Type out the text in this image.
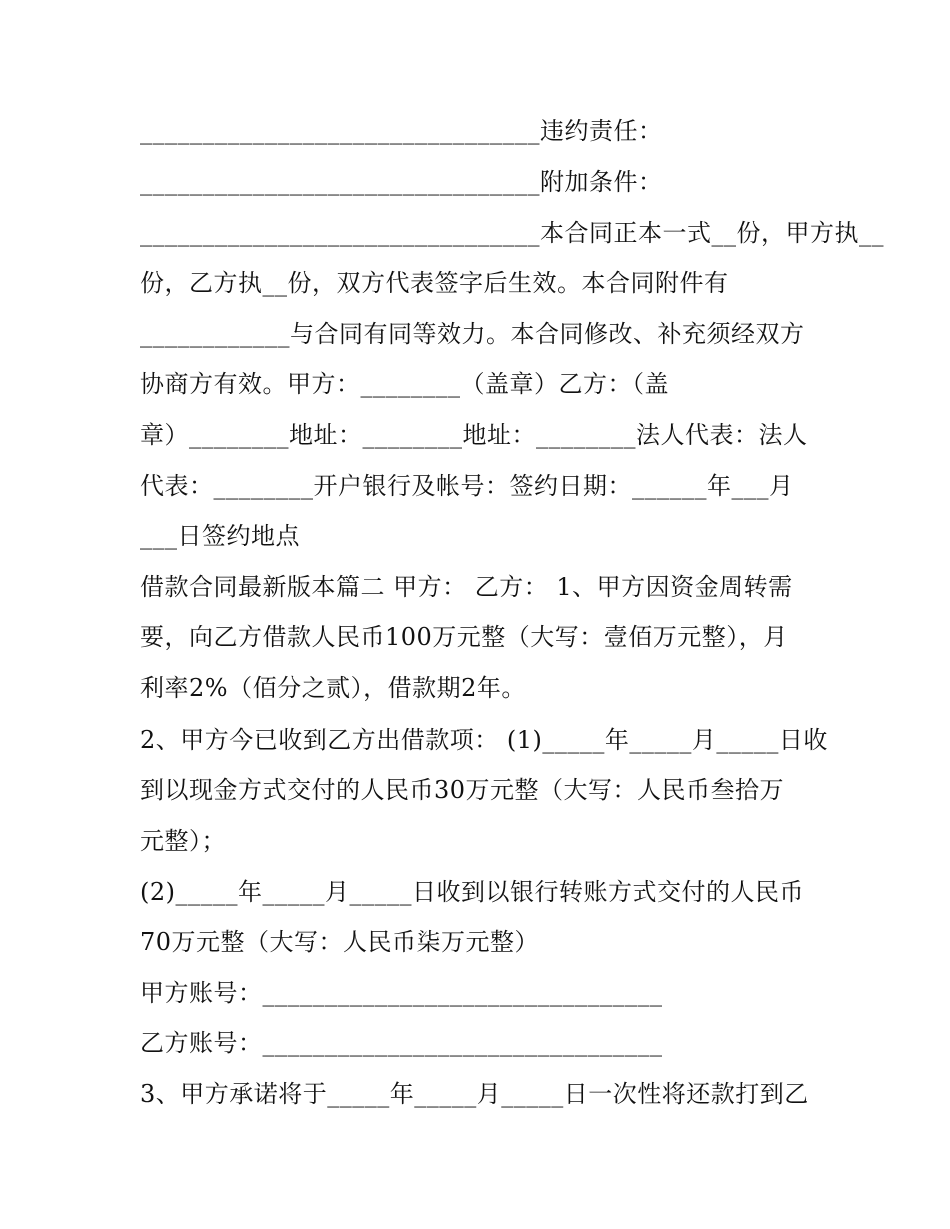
________________________________违约责任：
________________________________附加条件：
________________________________本合同正本一式__份，甲方执__
份，乙方执__份，双方代表签字后生效。本合同附件有
____________与合同有同等效力。本合同修改、补充须经双方
协商方有效。甲方：________（盖章）乙方：（盖
章）________地址：________地址：________法人代表：法人
代表：________开户银行及帐号：签约日期：______年___月
___日签约地点
借款合同最新版本篇二 甲方： 乙方： 1、甲方因资金周转需
要，向乙方借款人民币100万元整（大写：壹佰万元整），月
利率2%（佰分之贰），借款期2年。
2、甲方今已收到乙方出借款项： (1)_____年_____月_____日收
到以现金方式交付的人民币30万元整（大写：人民币叁拾万
元整）；
(2)_____年_____月_____日收到以银行转账方式交付的人民币
70万元整（大写：人民币柒万元整）
甲方账号：________________________________
乙方账号：________________________________
3、甲方承诺将于_____年_____月_____日一次性将还款打到乙
